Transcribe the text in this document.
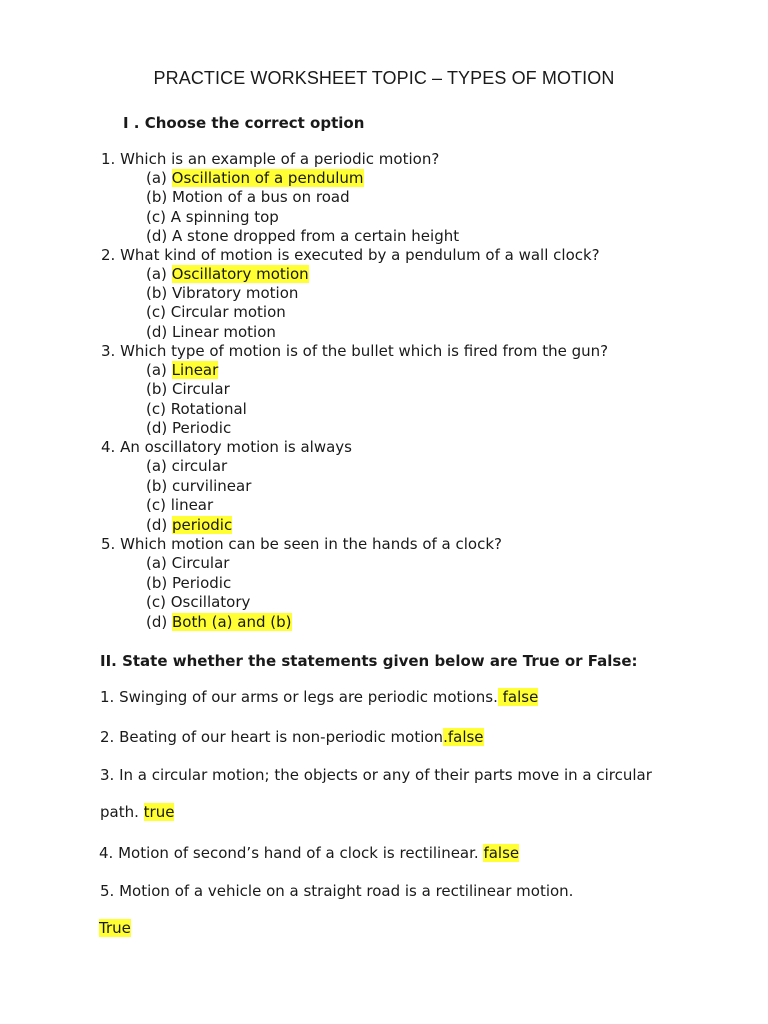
PRACTICE WORKSHEET TOPIC – TYPES OF MOTION
I . Choose the correct option
1. Which is an example of a periodic motion?
(a) Oscillation of a pendulum
(b) Motion of a bus on road
(c) A spinning top
(d) A stone dropped from a certain height
2. What kind of motion is executed by a pendulum of a wall clock?
(a) Oscillatory motion
(b) Vibratory motion
(c) Circular motion
(d) Linear motion
3. Which type of motion is of the bullet which is fired from the gun?
(a) Linear
(b) Circular
(c) Rotational
(d) Periodic
4. An oscillatory motion is always
(a) circular
(b) curvilinear
(c) linear
(d) periodic
5. Which motion can be seen in the hands of a clock?
(a) Circular
(b) Periodic
(c) Oscillatory
(d) Both (a) and (b)
II. State whether the statements given below are True or False:
1. Swinging of our arms or legs are periodic motions. false
2. Beating of our heart is non-periodic motion.false
3. In a circular motion; the objects or any of their parts move in a circular
path. true
4. Motion of second’s hand of a clock is rectilinear. false
5. Motion of a vehicle on a straight road is a rectilinear motion.
True
